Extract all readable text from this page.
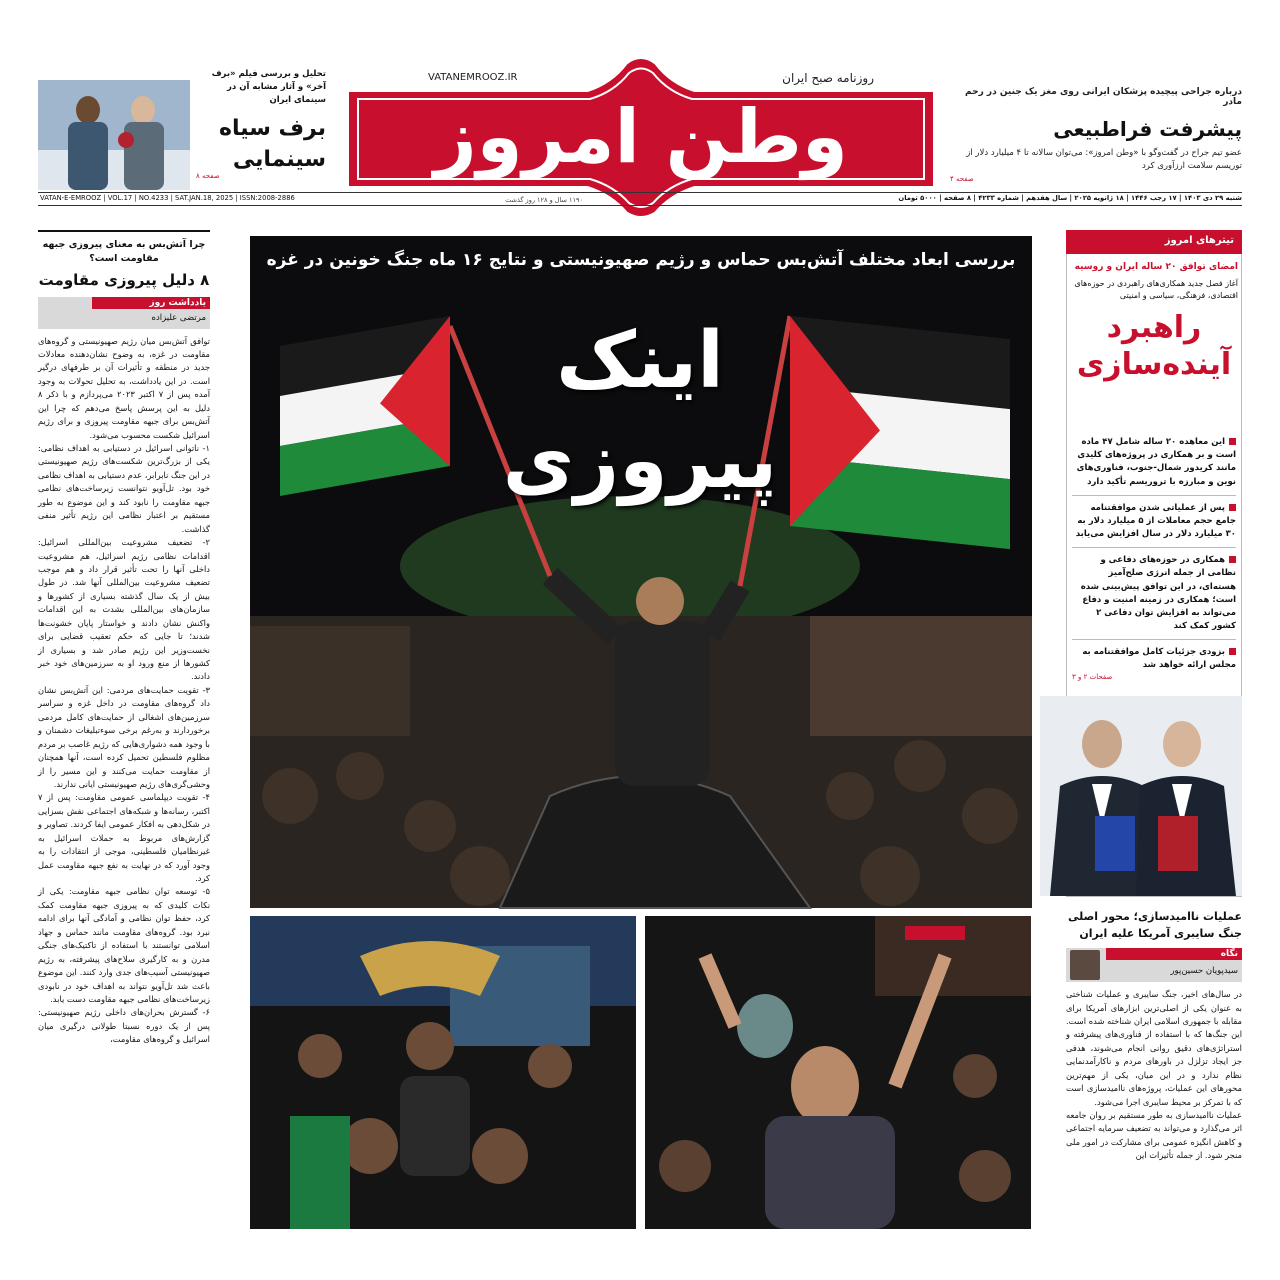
وطن امروز
روزنامه صبح ایران
VATANEMROOZ.IR
۱۱۹۰ سال و ۱۲۸ روز گذشت
درباره جراحی پیچیده پزشکان ایرانی روی مغز یک جنین در رحم مادر
پیشرفت فراطبیعی
عضو تیم جراح در گفت‌وگو با «وطن امروز»: می‌توان سالانه تا ۴ میلیارد دلار از توریسم سلامت ارزآوری کرد
صفحه ۴
تحلیل و بررسی فیلم «برف آخر» و آثار مشابه آن در سینمای ایران
برف سیاه
سینمایی
صفحه ۸
شنبه ۲۹ دی ۱۴۰۳ | ۱۷ رجب ۱۴۴۶ | ۱۸ ژانویه ۲۰۲۵ | سال هفدهم | شماره ۴۲۳۳ | ۸ صفحه | ۵۰۰۰ تومان
VATAN-E-EMROOZ | VOL.17 | NO.4233 | SAT.JAN.18, 2025 | ISSN:2008-2886
چرا آتش‌بس به معنای پیروزی جبهه مقاومت است؟
۸ دلیل پیروزی مقاومت
یادداشت روز
مرتضی علیزاده

توافق آتش‌بس میان رژیم صهیونیستی و گروه‌های مقاومت در غزه، به وضوح نشان‌دهنده معادلات جدید در منطقه و تأثیرات آن بر طرفهای درگیر است. در این یادداشت، به تحلیل تحولات به وجود آمده پس از ۷ اکتبر ۲۰۲۳ می‌پردازم و با ذکر ۸ دلیل به این پرسش پاسخ می‌دهم که چرا این آتش‌بس برای جبهه مقاومت پیروزی و برای رژیم اسرائیل شکست محسوب می‌شود.

۱- ناتوانی اسرائیل در دستیابی به اهداف نظامی: یکی از بزرگ‌ترین شکست‌های رژیم صهیونیستی در این جنگ نابرابر، عدم دستیابی به اهداف نظامی خود بود. تل‌آویو نتوانست زیرساخت‌های نظامی جبهه مقاومت را نابود کند و این موضوع به طور مستقیم بر اعتبار نظامی این رژیم تأثیر منفی گذاشت.

۲- تضعیف مشروعیت بین‌المللی اسرائیل: اقدامات نظامی رژیم اسرائیل، هم مشروعیت داخلی آنها را تحت تأثیر قرار داد و هم موجب تضعیف مشروعیت بین‌المللی آنها شد. در طول بیش از یک سال گذشته بسیاری از کشورها و سازمان‌های بین‌المللی بشدت به این اقدامات واکنش نشان دادند و خواستار پایان خشونت‌ها شدند؛ تا جایی که حکم تعقیب قضایی برای نخست‌وزیر این رژیم صادر شد و بسیاری از کشورها از منع ورود او به سرزمین‌های خود خبر دادند.

۳- تقویت حمایت‌های مردمی: این آتش‌بس نشان داد گروه‌های مقاومت در داخل غزه و سراسر سرزمین‌های اشغالی از حمایت‌های کامل مردمی برخوردارند و به‌رغم برخی سوء‌تبلیغات دشمنان و با وجود همه دشواری‌هایی که رژیم غاصب بر مردم مظلوم فلسطین تحمیل کرده است، آنها همچنان از مقاومت حمایت می‌کنند و این مسیر را از وحشی‌گری‌های رژیم صهیونیستی ایانی ندارند.

۴- تقویت دیپلماسی عمومی مقاومت: پس از ۷ اکتبر، رسانه‌ها و شبکه‌های اجتماعی نقش بسزایی در شکل‌دهی به افکار عمومی ایفا کردند. تصاویر و گزارش‌های مربوط به حملات اسرائیل به غیرنظامیان فلسطینی، موجی از انتقادات را به وجود آورد که در نهایت به نفع جبهه مقاومت عمل کرد.

۵- توسعه توان نظامی جبهه مقاومت: یکی از نکات کلیدی که به پیروزی جبهه مقاومت کمک کرد، حفظ توان نظامی و آمادگی آنها برای ادامه نبرد بود. گروه‌های مقاومت مانند حماس و جهاد اسلامی توانستند با استفاده از تاکتیک‌های جنگی مدرن و به کارگیری سلاح‌های پیشرفته، به رژیم صهیونیستی آسیب‌های جدی وارد کنند. این موضوع باعث شد تل‌آویو نتواند به اهداف خود در نابودی زیرساخت‌های نظامی جبهه مقاومت دست یابد.

۶- گسترش بحران‌های داخلی رژیم صهیونیستی: پس از یک دوره نسبتا طولانی درگیری میان اسرائیل و گروه‌های مقاومت،

بررسی ابعاد مختلف آتش‌بس حماس و رژیم صهیونیستی و نتایج ۱۶ ماه جنگ خونین در غزه
اینک
پیروزی
تیترهای امروز
امضای توافق ۲۰ ساله ایران و روسیه
آغاز فصل جدید همکاری‌های راهبردی در حوزه‌های اقتصادی، فرهنگی، سیاسی و امنیتی
راهبرد
آینده‌سازی
این معاهده ۲۰ ساله شامل ۴۷ ماده است و بر همکاری در پروژه‌های کلیدی مانند کریدور شمال-جنوب، فناوری‌های نوین و مبارزه با تروریسم تأکید دارد
پس از عملیاتی شدن موافقتنامه جامع حجم معاملات از ۵ میلیارد دلار به ۳۰ میلیارد دلار در سال افزایش می‌یابد
همکاری در حوزه‌های دفاعی و نظامی از جمله انرژی صلح‌آمیز هسته‌ای، در این توافق پیش‌بینی شده است؛ همکاری در زمینه امنیت و دفاع می‌تواند به افزایش توان دفاعی ۲ کشور کمک کند
بزودی جزئیات کامل موافقتنامه به مجلس ارائه خواهد شد
صفحات ۲ و ۳
عملیات ناامیدسازی؛ محور اصلی جنگ سایبری آمریکا علیه ایران
نگاه
سیدپویان حسین‌پور

در سال‌های اخیر، جنگ سایبری و عملیات شناختی به عنوان یکی از اصلی‌ترین ابزارهای آمریکا برای مقابله با جمهوری اسلامی ایران شناخته شده است. این جنگ‌ها که با استفاده از فناوری‌های پیشرفته و استراتژی‌های دقیق روانی انجام می‌شوند، هدفی جز ایجاد تزلزل در باورهای مردم و ناکارآمدنمایی نظام ندارد و در این میان، یکی از مهم‌ترین محورهای این عملیات، پروژه‌های ناامیدسازی است که با تمرکز بر محیط سایبری اجرا می‌شود.

عملیات ناامیدسازی به طور مستقیم بر روان جامعه اثر می‌گذارد و می‌تواند به تضعیف سرمایه اجتماعی و کاهش انگیزه عمومی برای مشارکت در امور ملی منجر شود. از جمله تأثیرات این
